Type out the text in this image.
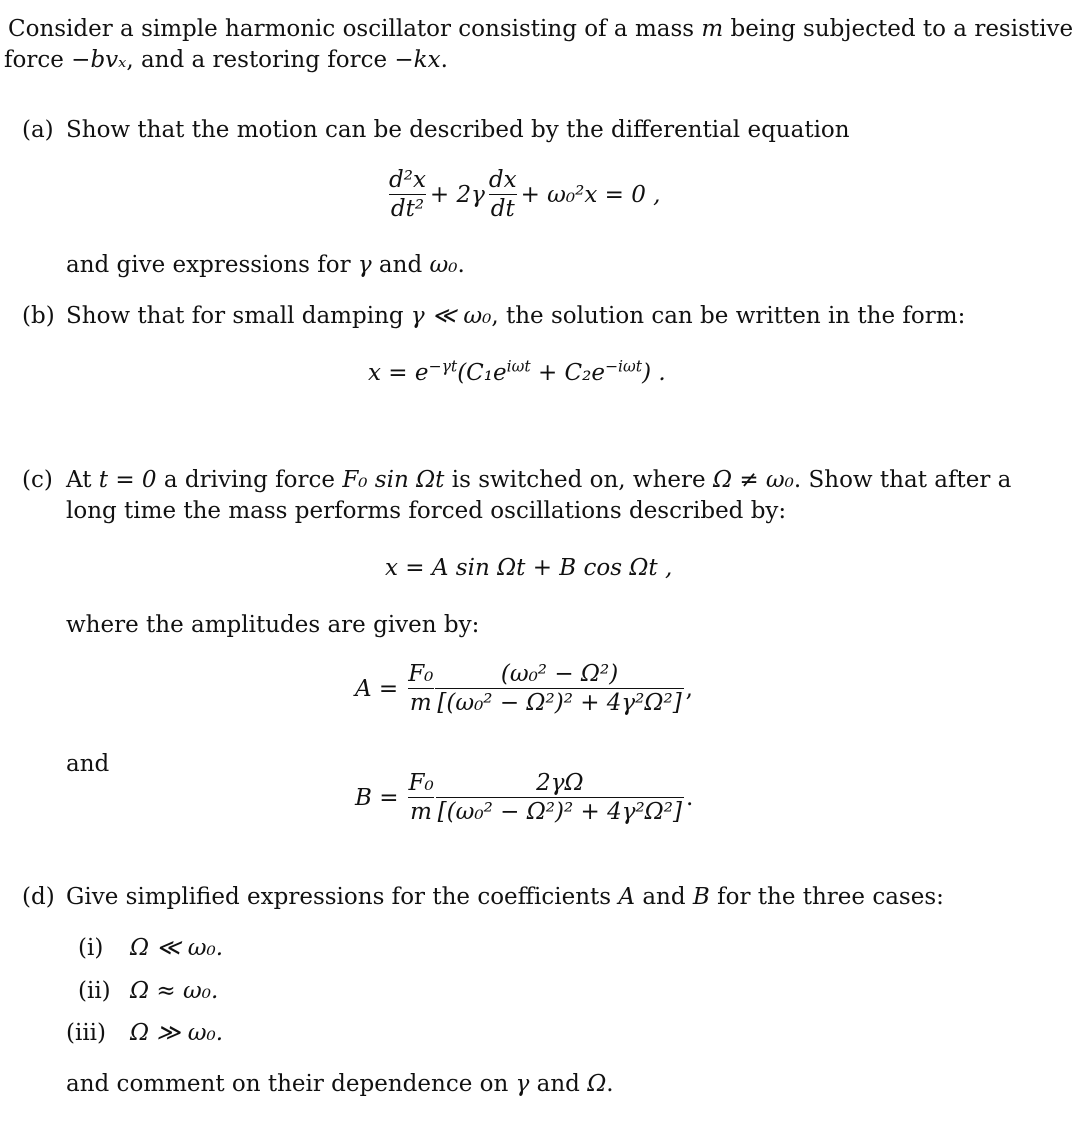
Consider a simple harmonic oscillator consisting of a mass m being subjected to a resistive
force −bvₓ, and a restoring force −kx.
(a) Show that the motion can be described by the differential equation
$\frac{\text{d²x}}{\text{dt²}} + 2\gamma \frac{dx}{dt} + \omega_0^2x = 0$ ,
and give expressions for γ and ω₀.
(b) Show that for small damping γ ≪ ω₀, the solution can be written in the form:
$x = e^{-\gamma t}(C_1e^{i\omega t} + C_2e^{-i\omega t})$ .
(c) At t = 0 a driving force F₀ sin Ωt is switched on, where Ω ≠ ω₀. Show that after a
long time the mass performs forced oscillations described by:
x = A sin Ωt + B cos Ωt ,
where the amplitudes are given by:
$A = \frac{\text{F₀}}{m} \frac{\text{(ω₀² − Ω²)}}{\text{[(ω₀² − Ω²)² + 4γ²Ω²]}}$ ,
and
$B = \frac{\text{F₀}}{m} \frac{2\gamma\Omega}{\text{[(ω₀² − Ω²)² + 4γ²Ω²]}}$ .
(d) Give simplified expressions for the coefficients A and B for the three cases:
(i) Ω ≪ ω₀.
(ii) Ω ≈ ω₀.
(iii) Ω ≫ ω₀.
and comment on their dependence on γ and Ω.
